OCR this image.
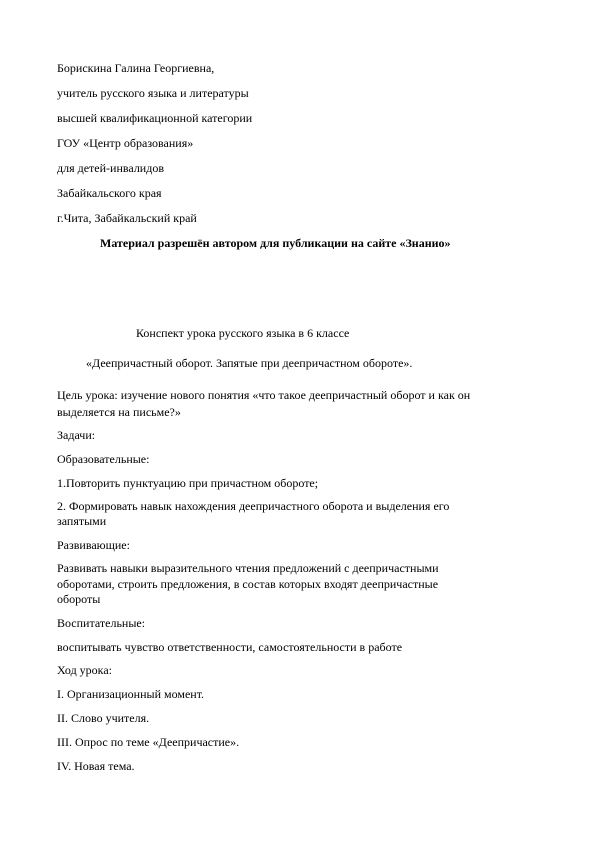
Борискина Галина Георгиевна,

учитель русского языка и литературы

высшей квалификационной категории

ГОУ «Центр образования»

для детей-инвалидов

Забайкальского края

г.Чита, Забайкальский край

Материал разрешён автором для публикации на сайте «Знанио»

Конспект урока русского языка в 6 классе

«Деепричастный оборот. Запятые при деепричастном обороте».

Цель урока: изучение нового понятия «что такое деепричастный оборот и как он

выделяется на письме?»

Задачи:

Образовательные:

1.Повторить пунктуацию при причастном обороте;

2. Формировать навык нахождения деепричастного оборота и выделения его

запятыми

Развивающие:

Развивать навыки выразительного чтения предложений с деепричастными

оборотами, строить предложения, в состав которых входят деепричастные

обороты

Воспитательные:

воспитывать чувство ответственности, самостоятельности в работе

Ход урока:

I. Организационный момент.

II. Слово учителя.

III. Опрос по теме «Деепричастие».

IV. Новая тема.
